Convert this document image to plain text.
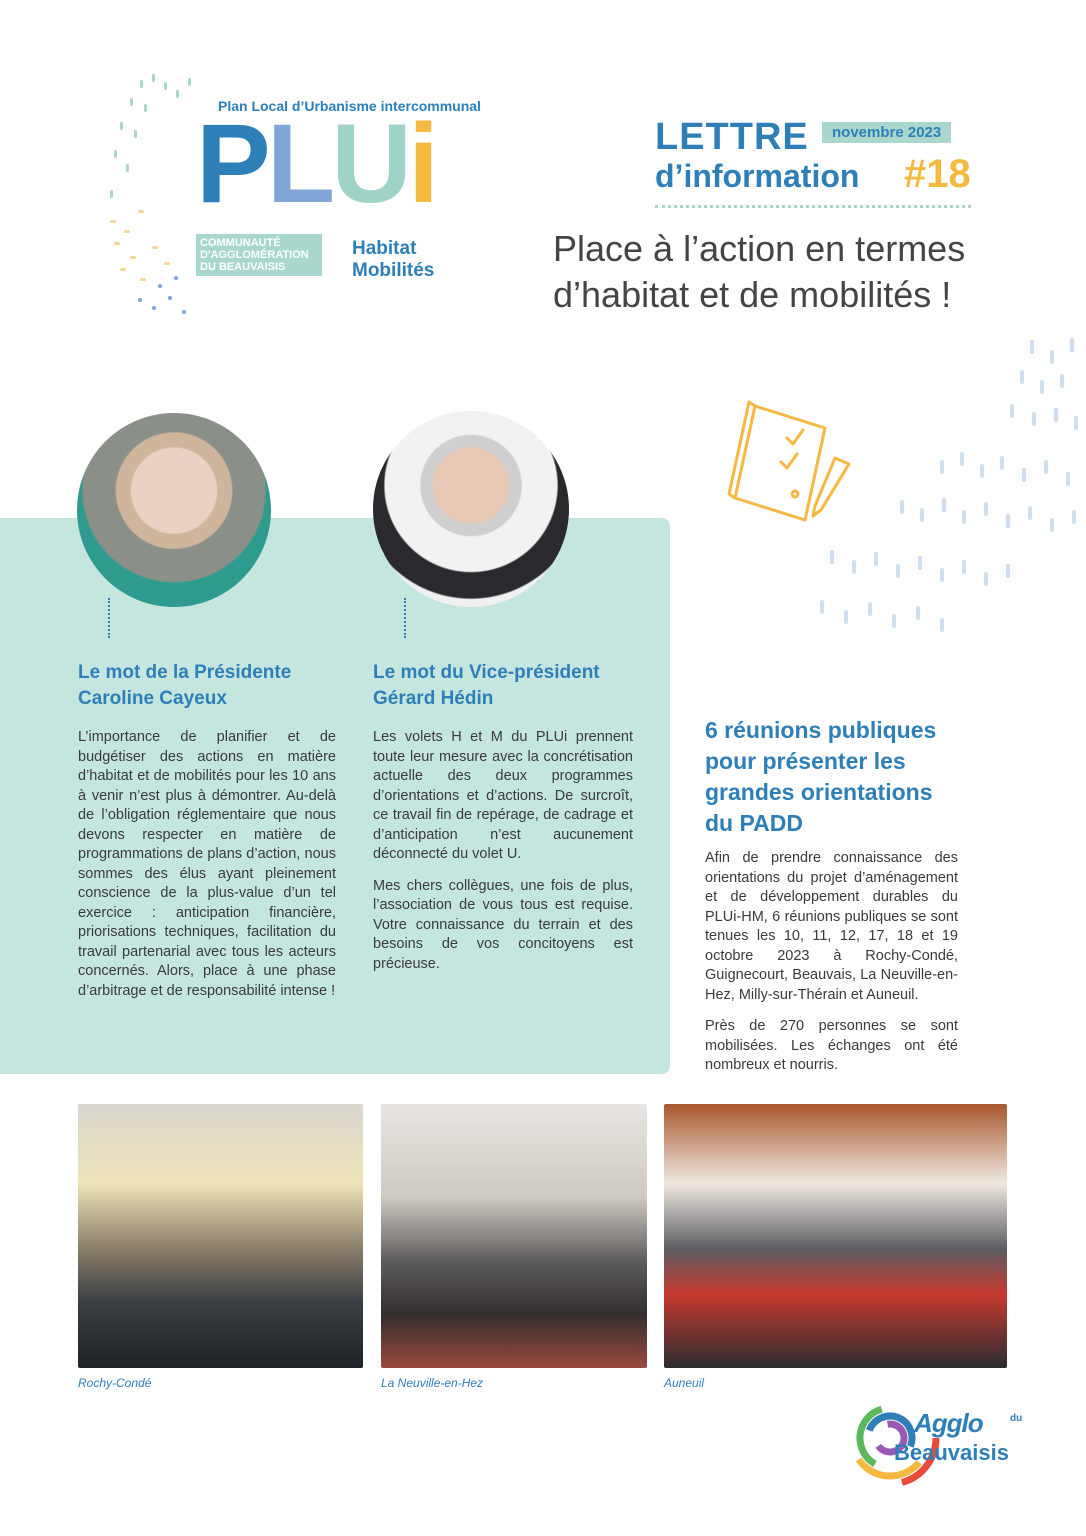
Plan Local d’Urbanisme intercommunal
PLUi
COMMUNAUTÉ D'AGGLOMÉRATION DU BEAUVAISIS
Habitat
Mobilités
LETTRE	novembre 2023
d’information #18
Place à l’action en termes d’habitat et de mobilités !
Le mot de la Présidente
Caroline Cayeux

L’importance de planifier et de budgétiser des actions en matière d’habitat et de mobilités pour les 10 ans à venir n’est plus à démontrer. Au-delà de l’obligation réglementaire que nous devons respecter en matière de programmations de plans d’action, nous sommes des élus ayant pleinement conscience de la plus-value d’un tel exercice : anticipation financière, priorisations techniques, facilitation du travail partenarial avec tous les acteurs concernés. Alors, place à une phase d’arbitrage et de responsabilité intense !

Le mot du Vice-président
Gérard Hédin

Les volets H et M du PLUi prennent toute leur mesure avec la concrétisation actuelle des deux programmes d’orientations et d’actions. De surcroît, ce travail fin de repérage, de cadrage et d’anticipation n’est aucunement déconnecté du volet U.

Mes chers collègues, une fois de plus, l’association de vous tous est requise. Votre connaissance du terrain et des besoins de vos concitoyens est précieuse.

6 réunions publiques pour présenter les grandes orientations du PADD

Afin de prendre connaissance des orientations du projet d’aménagement et de développement durables du PLUi-HM, 6 réunions publiques se sont tenues les 10, 11, 12, 17, 18 et 19 octobre 2023 à Rochy-Condé, Guignecourt, Beauvais, La Neuville-en-Hez, Milly-sur-Thérain et Auneuil.

Près de 270 personnes se sont mobilisées. Les échanges ont été nombreux et nourris.

Rochy-Condé	La Neuville-en-Hez	Auneuil
Agglo	du
Beauvaisis
